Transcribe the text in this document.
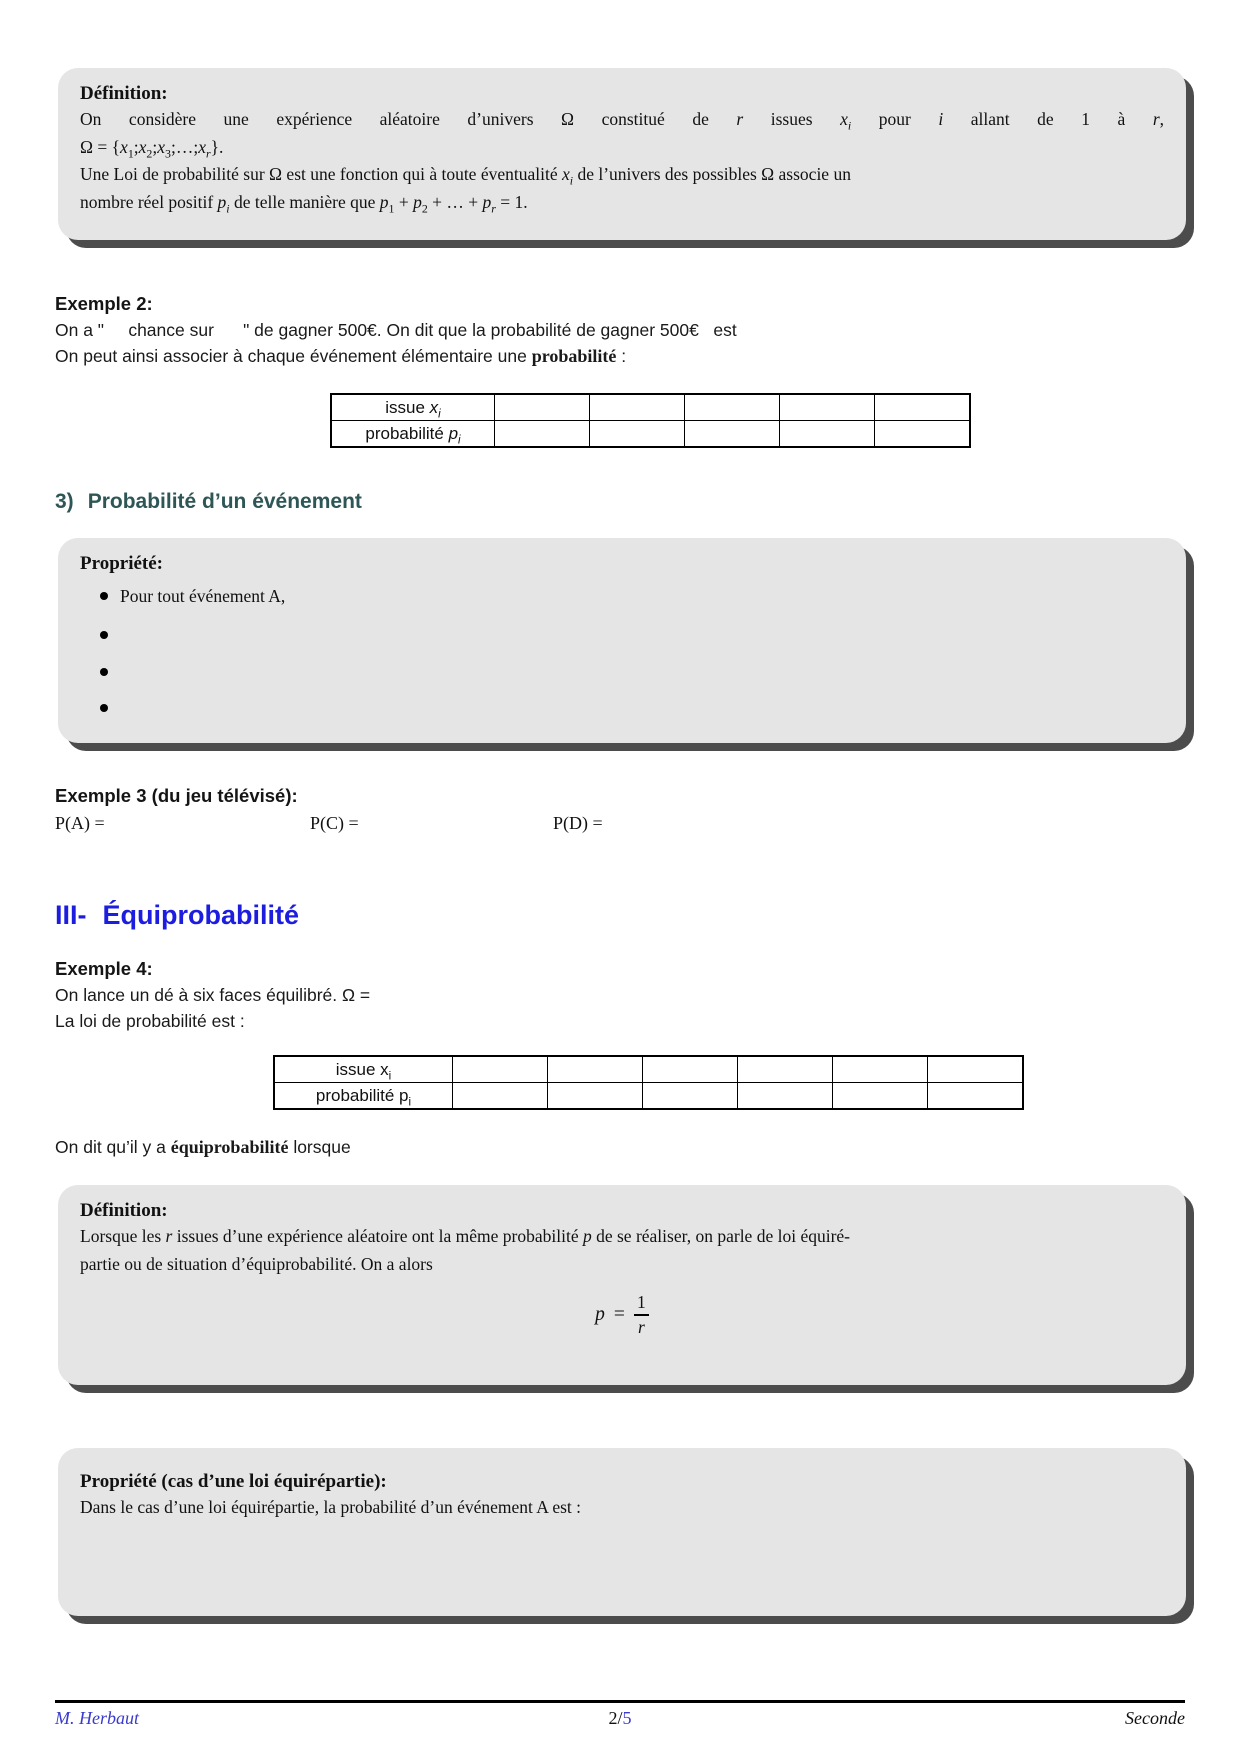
Définition:
On considère une expérience aléatoire d’univers Ω constitué de r issues $x_i$ pour i allant de 1 à r,
$\Omega = \{x_1;x_2;x_3;\dots;x_r\}$.
Une Loi de probabilité sur Ω est une fonction qui à toute éventualité $x_i$ de l’univers des possibles Ω associe un
nombre réel positif $p_i$ de telle manière que $p_1 + p_2$ + … + $p_r = 1$.
Exemple 2:
On a "     chance sur      " de gagner 500€. On dit que la probabilité de gagner 500€   est
On peut ainsi associer à chaque événement élémentaire une probabilité :
issue $x_i$					
probabilité $p_i$					
3) Probabilité d’un événement
Propriété:
Pour tout événement A,
Exemple 3 (du jeu télévisé):
P(A) =	P(C) =	P(D) =
III- Équiprobabilité
Exemple 4:
On lance un dé à six faces équilibré. Ω =
La loi de probabilité est :
issue $x_i$						
probabilité $p_i$						
On dit qu’il y a équiprobabilité lorsque
Définition:
Lorsque les r issues d’une expérience aléatoire ont la même probabilité p de se réaliser, on parle de loi équiré-
partie ou de situation d’équiprobabilité. On a alors
$p = \frac{1}{r}$
Propriété (cas d’une loi équirépartie):
Dans le cas d’une loi équirépartie, la probabilité d’un événement A est :
M. Herbaut	2/5	Seconde
